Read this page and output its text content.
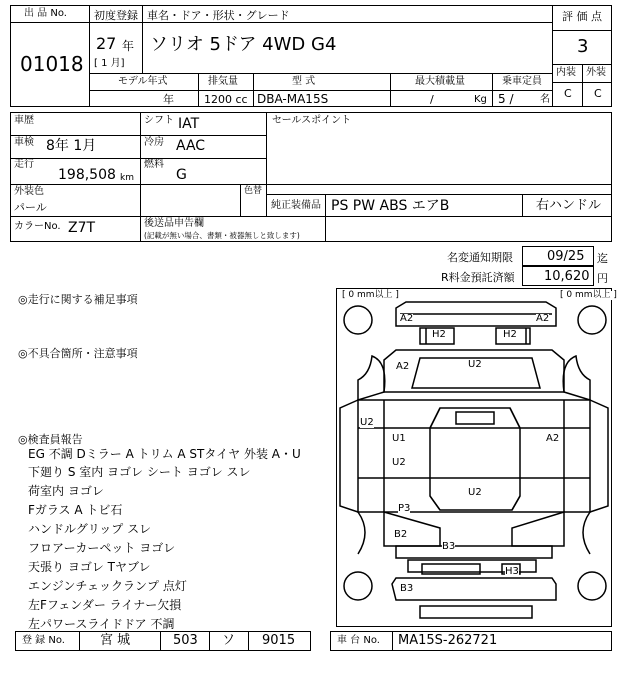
出 品 No.
01018
初度登録
27 年
[ 1 月]
車名・ドア・形状・グレード
ソリオ 5ドア 4WD G4
評 価 点
3
内装 外装
C C
モデル年式
年
排気量
1200 cc
型 式
DBA-MA15S
最大積載量
/	Kg
乗車定員
5 /	名
車歴	シフト IAT	セールスポイント
車検 8年 1月	冷房 AAC
走行
198,508 km
燃料
G
外装色
パール
色替
純正装備品 PS PW ABS エアB	右ハンドル
カラーNo. Z7T	後送品申告欄
(記載が無い場合、書類・被器無しと致します)
名変通知期限	09/25 迄
R料金預託済額 10,620 円
◎走行に関する補足事項
◎不具合箇所・注意事項
◎検査員報告
EG 不調 Dミラー A トリム A STタイヤ 外装 A・U
下廻り S 室内 ヨゴレ シート ヨゴレ スレ
荷室内 ヨゴレ
Fガラス A トビ石
ハンドルグリップ スレ
フロアーカーペット ヨゴレ
天張り ヨゴレ Tヤブレ
エンジンチェックランプ 点灯
左Fフェンダー ライナー欠損
左パワースライドドア 不調
[ 0 mm以上 ]	[ 0 mm以上 ]
A2	A2
H2	H2
A2	U2
U2
U1	A2
U2
U2
P3
B2
B3
H3
B3
登 録 No.	宮 城	503 ソ 9015	車 台 No. MA15S-262721
